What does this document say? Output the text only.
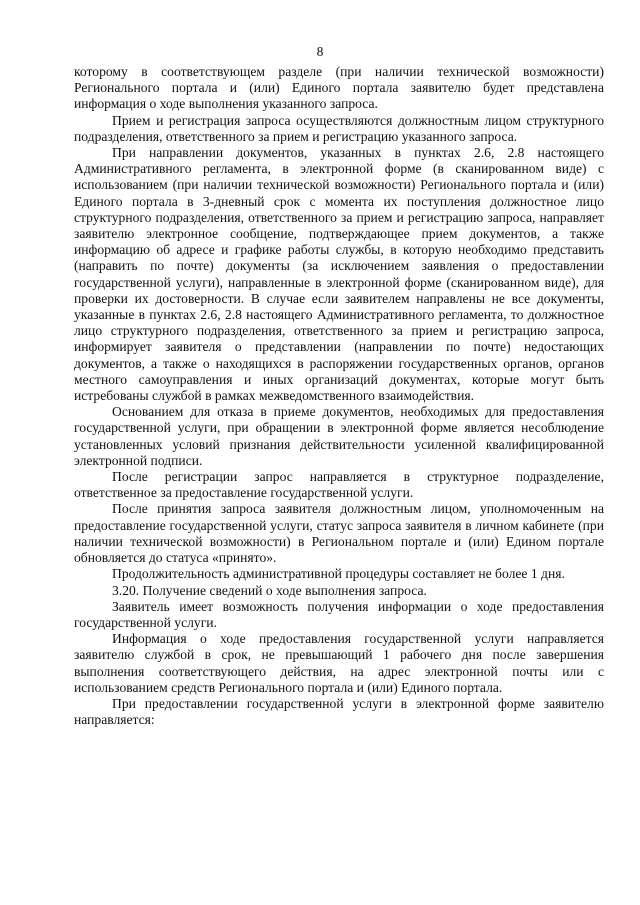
8

которому в соответствующем разделе (при наличии технической возможности) Регионального портала и (или) Единого портала заявителю будет представлена информация о ходе выполнения указанного запроса.

Прием и регистрация запроса осуществляются должностным лицом структурного подразделения, ответственного за прием и регистрацию указанного запроса.

При направлении документов, указанных в пунктах 2.6, 2.8 настоящего Административного регламента, в электронной форме (в сканированном виде) с использованием (при наличии технической возможности) Регионального портала и (или) Единого портала в 3-дневный срок с момента их поступления должностное лицо структурного подразделения, ответственного за прием и регистрацию запроса, направляет заявителю электронное сообщение, подтверждающее прием документов, а также информацию об адресе и графике работы службы, в которую необходимо представить (направить по почте) документы (за исключением заявления о предоставлении государственной услуги), направленные в электронной форме (сканированном виде), для проверки их достоверности. В случае если заявителем направлены не все документы, указанные в пунктах 2.6, 2.8 настоящего Административного регламента, то должностное лицо структурного подразделения, ответственного за прием и регистрацию запроса, информирует заявителя о представлении (направлении по почте) недостающих документов, а также о находящихся в распоряжении государственных органов, органов местного самоуправления и иных организаций документах, которые могут быть истребованы службой в рамках межведомственного взаимодействия.

Основанием для отказа в приеме документов, необходимых для предоставления государственной услуги, при обращении в электронной форме является несоблюдение установленных условий признания действительности усиленной квалифицированной электронной подписи.

После регистрации запрос направляется в структурное подразделение, ответственное за предоставление государственной услуги.

После принятия запроса заявителя должностным лицом, уполномоченным на предоставление государственной услуги, статус запроса заявителя в личном кабинете (при наличии технической возможности) в Региональном портале и (или) Едином портале обновляется до статуса «принято».

Продолжительность административной процедуры составляет не более 1 дня.

3.20. Получение сведений о ходе выполнения запроса.

Заявитель имеет возможность получения информации о ходе предоставления государственной услуги.

Информация о ходе предоставления государственной услуги направляется заявителю службой в срок, не превышающий 1 рабочего дня после завершения выполнения соответствующего действия, на адрес электронной почты или с использованием средств Регионального портала и (или) Единого портала.

При предоставлении государственной услуги в электронной форме заявителю направляется:
